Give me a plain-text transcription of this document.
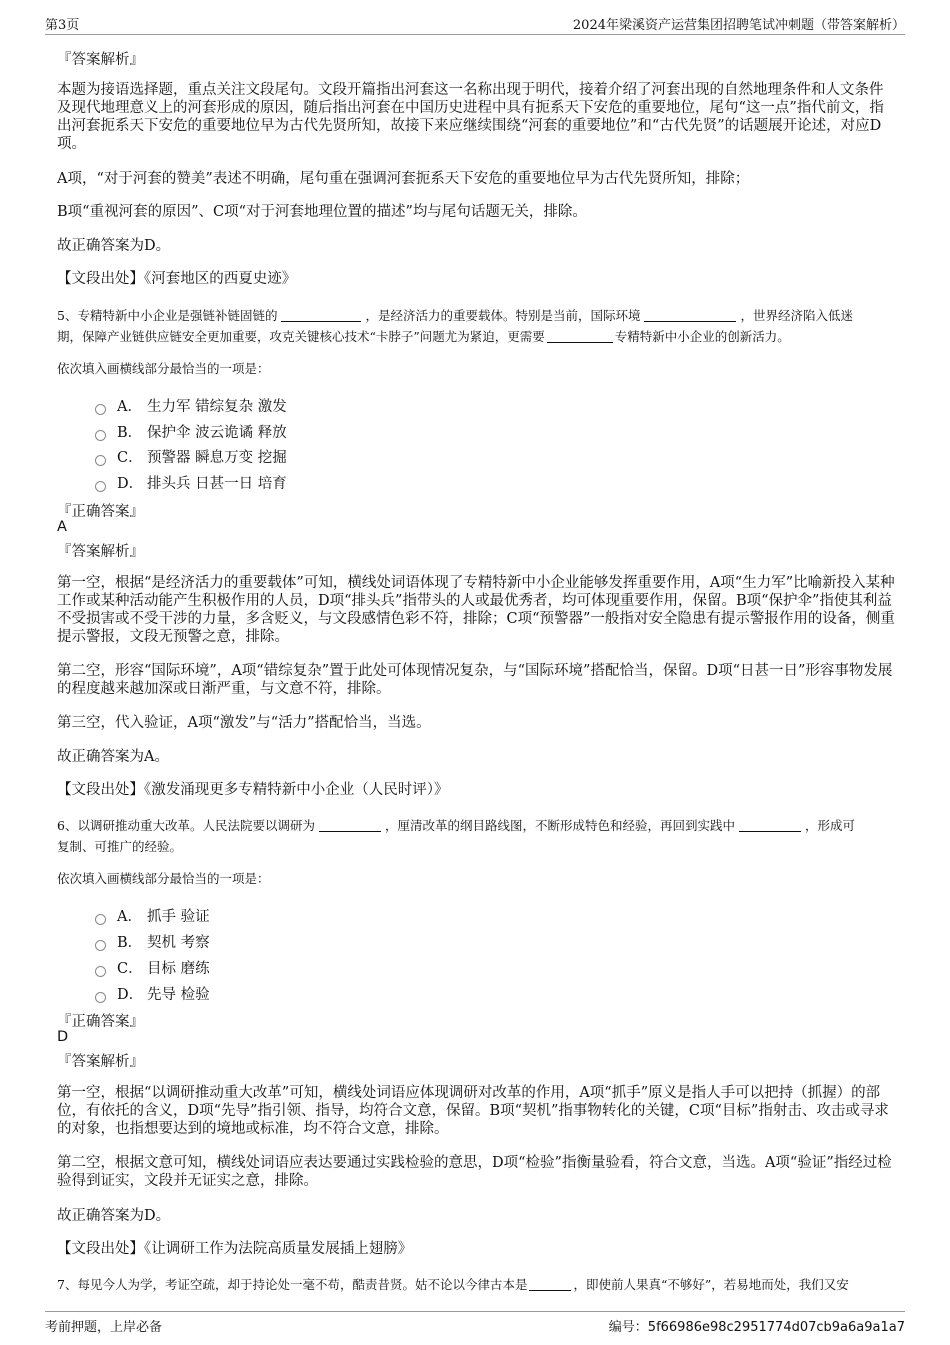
第3页	2024年梁溪资产运营集团招聘笔试冲刺题（带答案解析）
『答案解析』
本题为接语选择题，重点关注文段尾句。文段开篇指出河套这一名称出现于明代，接着介绍了河套出现的自然地理条件和人文条件及现代地理意义上的河套形成的原因，随后指出河套在中国历史进程中具有扼系天下安危的重要地位，尾句“这一点”指代前文，指出河套扼系天下安危的重要地位早为古代先贤所知，故接下来应继续围绕“河套的重要地位”和“古代先贤”的话题展开论述，对应D项。
A项，“对于河套的赞美”表述不明确，尾句重在强调河套扼系天下安危的重要地位早为古代先贤所知，排除；
B项“重视河套的原因”、C项“对于河套地理位置的描述”均与尾句话题无关，排除。
故正确答案为D。
【文段出处】《河套地区的西夏史迹》
5、专精特新中小企业是强链补链固链的	，是经济活力的重要载体。特别是当前，国际环境	，世界经济陷入低迷
期，保障产业链供应链安全更加重要，攻克关键核心技术“卡脖子”问题尤为紧迫，更需要	专精特新中小企业的创新活力。
依次填入画横线部分最恰当的一项是：
A． 生力军 错综复杂 激发
B． 保护伞 波云诡谲 释放
C． 预警器 瞬息万变 挖掘
D． 排头兵 日甚一日 培育
『正确答案』
A
『答案解析』
第一空，根据“是经济活力的重要载体”可知，横线处词语体现了专精特新中小企业能够发挥重要作用，A项“生力军”比喻新投入某种工作或某种活动能产生积极作用的人员，D项“排头兵”指带头的人或最优秀者，均可体现重要作用，保留。B项“保护伞”指使其利益不受损害或不受干涉的力量，多含贬义，与文段感情色彩不符，排除；C项“预警器”一般指对安全隐患有提示警报作用的设备，侧重提示警报，文段无预警之意，排除。
第二空，形容“国际环境”，A项“错综复杂”置于此处可体现情况复杂，与“国际环境”搭配恰当，保留。D项“日甚一日”形容事物发展的程度越来越加深或日渐严重，与文意不符，排除。
第三空，代入验证，A项“激发”与“活力”搭配恰当，当选。
故正确答案为A。
【文段出处】《激发涌现更多专精特新中小企业（人民时评）》
6、以调研推动重大改革。人民法院要以调研为	，厘清改革的纲目路线图，不断形成特色和经验，再回到实践中	，形成可
复制、可推广的经验。
依次填入画横线部分最恰当的一项是：
A． 抓手 验证
B． 契机 考察
C． 目标 磨练
D． 先导 检验
『正确答案』
D
『答案解析』
第一空，根据“以调研推动重大改革”可知，横线处词语应体现调研对改革的作用，A项“抓手”原义是指人手可以把持（抓握）的部位，有依托的含义，D项“先导”指引领、指导，均符合文意，保留。B项“契机”指事物转化的关键，C项“目标”指射击、攻击或寻求的对象，也指想要达到的境地或标准，均不符合文意，排除。
第二空，根据文意可知，横线处词语应表达要通过实践检验的意思，D项“检验”指衡量验看，符合文意，当选。A项“验证”指经过检验得到证实，文段并无证实之意，排除。
故正确答案为D。
【文段出处】《让调研工作为法院高质量发展插上翅膀》
7、每见今人为学，考证空疏，却于持论处一毫不苟，酷责昔贤。姑不论以今律古本是	，即使前人果真“不够好”，若易地而处，我们又安
考前押题，上岸必备	编号：5f66986e98c2951774d07cb9a6a9a1a7
